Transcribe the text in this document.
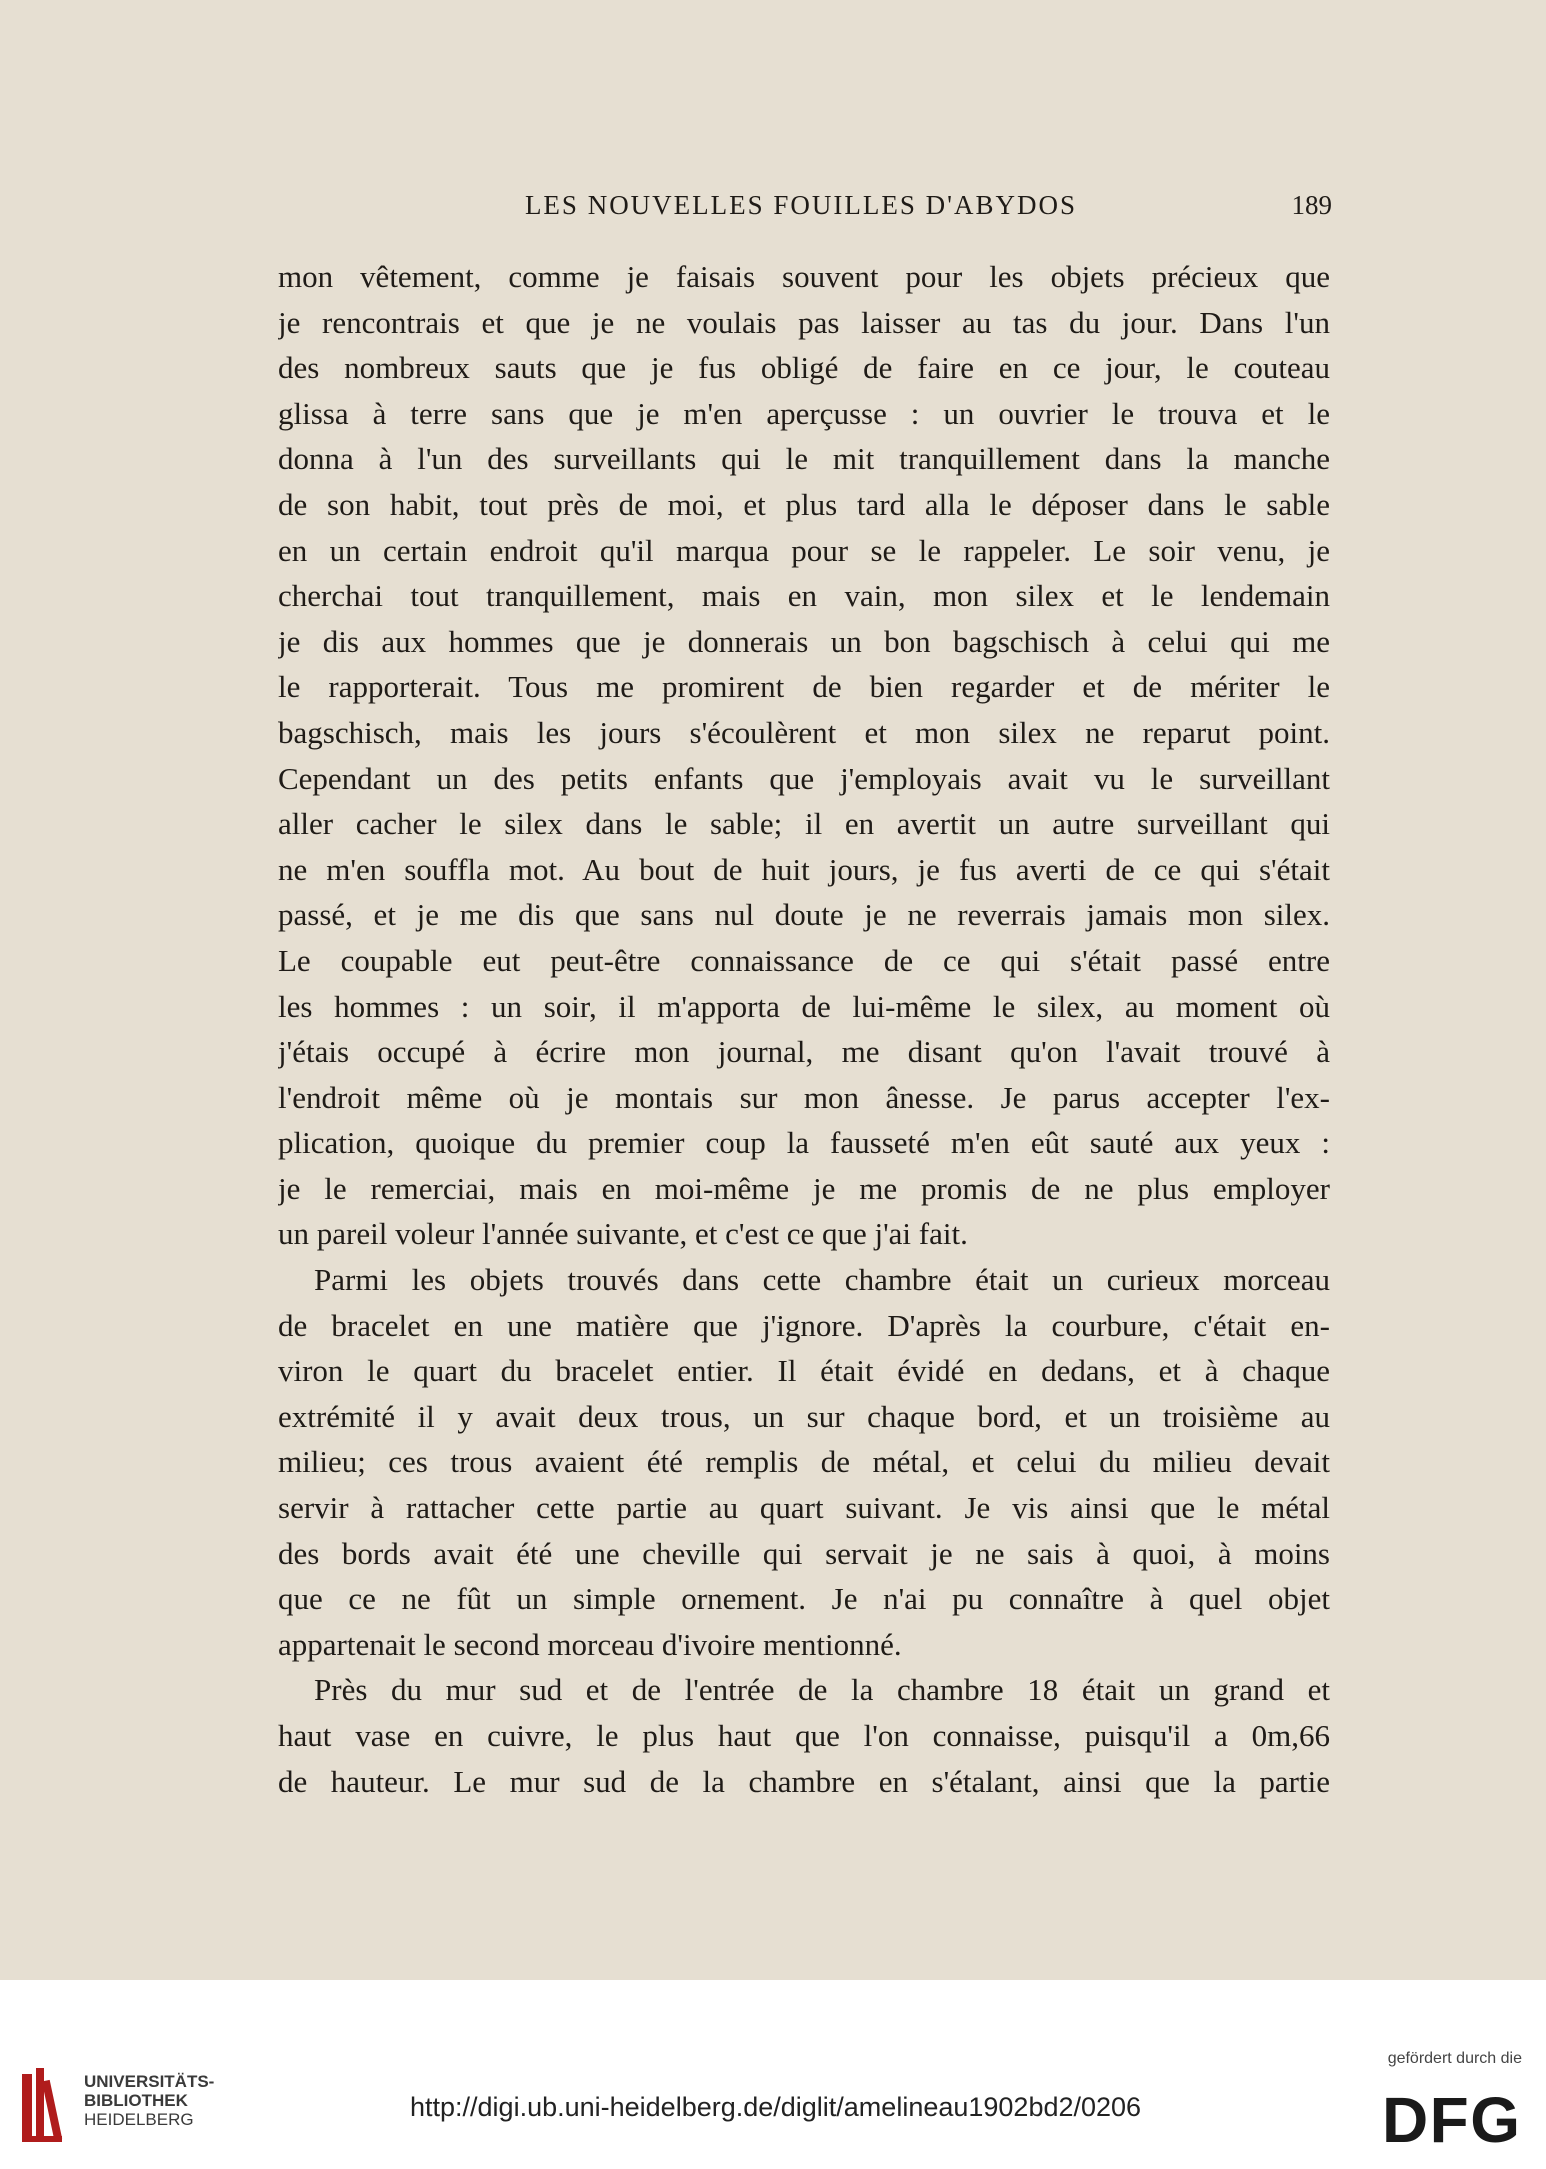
LES NOUVELLES FOUILLES D'ABYDOS	189
mon vêtement, comme je faisais souvent pour les objets précieux que
je rencontrais et que je ne voulais pas laisser au tas du jour. Dans l'un
des nombreux sauts que je fus obligé de faire en ce jour, le couteau
glissa à terre sans que je m'en aperçusse : un ouvrier le trouva et le
donna à l'un des surveillants qui le mit tranquillement dans la manche
de son habit, tout près de moi, et plus tard alla le déposer dans le sable
en un certain endroit qu'il marqua pour se le rappeler. Le soir venu, je
cherchai tout tranquillement, mais en vain, mon silex et le lendemain
je dis aux hommes que je donnerais un bon bagschisch à celui qui me
le rapporterait. Tous me promirent de bien regarder et de mériter le
bagschisch, mais les jours s'écoulèrent et mon silex ne reparut point.
Cependant un des petits enfants que j'employais avait vu le surveillant
aller cacher le silex dans le sable; il en avertit un autre surveillant qui
ne m'en souffla mot. Au bout de huit jours, je fus averti de ce qui s'était
passé, et je me dis que sans nul doute je ne reverrais jamais mon silex.
Le coupable eut peut-être connaissance de ce qui s'était passé entre
les hommes : un soir, il m'apporta de lui-même le silex, au moment où
j'étais occupé à écrire mon journal, me disant qu'on l'avait trouvé à
l'endroit même où je montais sur mon ânesse. Je parus accepter l'ex-
plication, quoique du premier coup la fausseté m'en eût sauté aux yeux :
je le remerciai, mais en moi-même je me promis de ne plus employer
un pareil voleur l'année suivante, et c'est ce que j'ai fait.
Parmi les objets trouvés dans cette chambre était un curieux morceau
de bracelet en une matière que j'ignore. D'après la courbure, c'était en-
viron le quart du bracelet entier. Il était évidé en dedans, et à chaque
extrémité il y avait deux trous, un sur chaque bord, et un troisième au
milieu; ces trous avaient été remplis de métal, et celui du milieu devait
servir à rattacher cette partie au quart suivant. Je vis ainsi que le métal
des bords avait été une cheville qui servait je ne sais à quoi, à moins
que ce ne fût un simple ornement. Je n'ai pu connaître à quel objet
appartenait le second morceau d'ivoire mentionné.
Près du mur sud et de l'entrée de la chambre 18 était un grand et
haut vase en cuivre, le plus haut que l'on connaisse, puisqu'il a 0m,66
de hauteur. Le mur sud de la chambre en s'étalant, ainsi que la partie
UNIVERSITÄTS-
BIBLIOTHEK
HEIDELBERG	http://digi.ub.uni-heidelberg.de/diglit/amelineau1902bd2/0206
gefördert durch die
DFG
